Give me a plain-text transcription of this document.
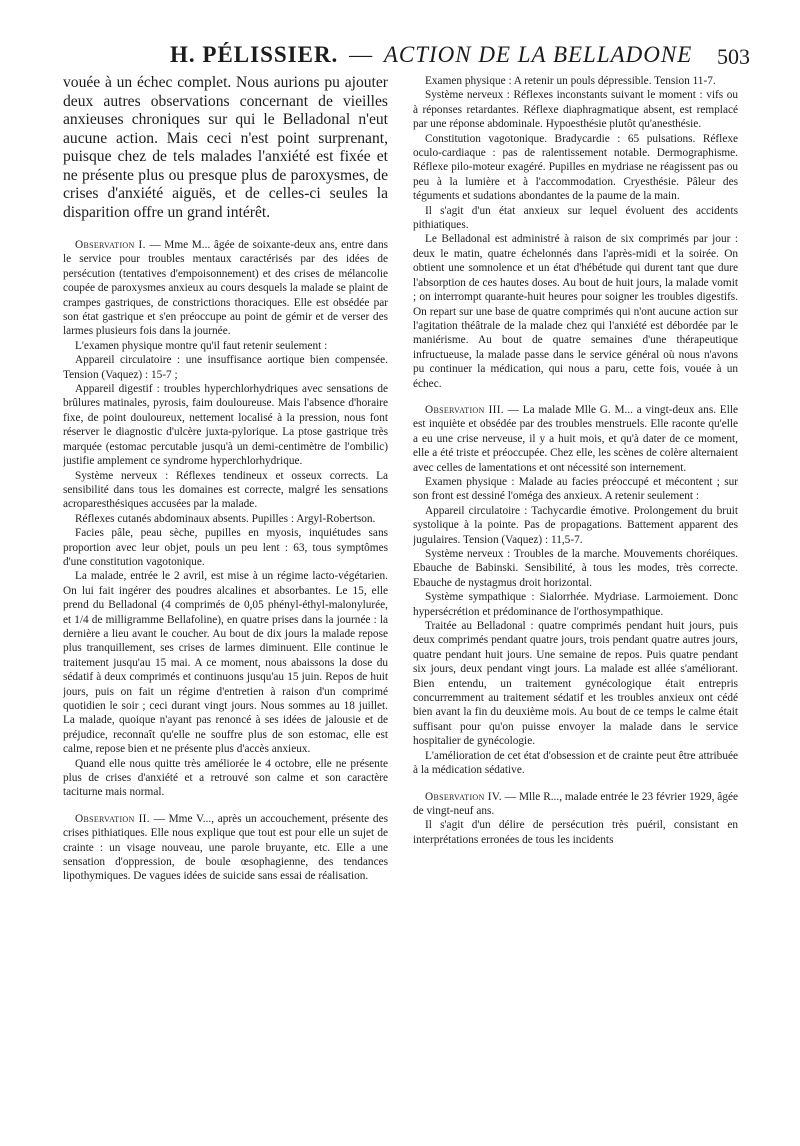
H. PÉLISSIER. — ACTION DE LA BELLADONE 503

vouée à un échec complet. Nous aurions pu ajouter deux autres observations concernant de vieilles anxieuses chroniques sur qui le Belladonal n'eut aucune action. Mais ceci n'est point surprenant, puisque chez de tels malades l'anxiété est fixée et ne présente plus ou presque plus de paroxysmes, de crises d'anxiété aiguës, et de celles-ci seules la disparition offre un grand intérêt.

Observation I. — Mme M... âgée de soixante-deux ans, entre dans le service pour troubles mentaux caractérisés par des idées de persécution (tentatives d'empoisonnement) et des crises de mélancolie coupée de paroxysmes anxieux au cours desquels la malade se plaint de crampes gastriques, de constrictions thoraciques. Elle est obsédée par son état gastrique et s'en préoccupe au point de gémir et de verser des larmes plusieurs fois dans la journée.

L'examen physique montre qu'il faut retenir seulement :

Appareil circulatoire : une insuffisance aortique bien compensée. Tension (Vaquez) : 15-7 ;

Appareil digestif : troubles hyperchlorhydriques avec sensations de brûlures matinales, pyrosis, faim douloureuse. Mais l'absence d'horaire fixe, de point douloureux, nettement localisé à la pression, nous font réserver le diagnostic d'ulcère juxta-pylorique. La ptose gastrique très marquée (estomac percutable jusqu'à un demi-centimètre de l'ombilic) justifie amplement ce syndrome hyperchlorhydrique.

Système nerveux : Réflexes tendineux et osseux corrects. La sensibilité dans tous les domaines est correcte, malgré les sensations acroparesthésiques accusées par la malade.

Réflexes cutanés abdominaux absents. Pupilles : Argyl-Robertson.

Facies pâle, peau sèche, pupilles en myosis, inquiétudes sans proportion avec leur objet, pouls un peu lent : 63, tous symptômes d'une constitution vagotonique.

La malade, entrée le 2 avril, est mise à un régime lacto-végétarien. On lui fait ingérer des poudres alcalines et absorbantes. Le 15, elle prend du Belladonal (4 comprimés de 0,05 phényl-éthyl-malonylurée, et 1/4 de milligramme Bellafoline), en quatre prises dans la journée : la dernière a lieu avant le coucher. Au bout de dix jours la malade repose plus tranquillement, ses crises de larmes diminuent. Elle continue le traitement jusqu'au 15 mai. A ce moment, nous abaissons la dose du sédatif à deux comprimés et continuons jusqu'au 15 juin. Repos de huit jours, puis on fait un régime d'entretien à raison d'un comprimé quotidien le soir ; ceci durant vingt jours. Nous sommes au 18 juillet. La malade, quoique n'ayant pas renoncé à ses idées de jalousie et de préjudice, reconnaît qu'elle ne souffre plus de son estomac, elle est calme, repose bien et ne présente plus d'accès anxieux.

Quand elle nous quitte très améliorée le 4 octobre, elle ne présente plus de crises d'anxiété et a retrouvé son calme et son caractère taciturne mais normal.

Observation II. — Mme V..., après un accouchement, présente des crises pithiatiques. Elle nous explique que tout est pour elle un sujet de crainte : un visage nouveau, une parole bruyante, etc. Elle a une sensation d'oppression, de boule œsophagienne, des tendances lipothymiques. De vagues idées de suicide sans essai de réalisation.

Examen physique : A retenir un pouls dépressible. Tension 11-7.

Système nerveux : Réflexes inconstants suivant le moment : vifs ou à réponses retardantes. Réflexe diaphragmatique absent, est remplacé par une réponse abdominale. Hypoesthésie plutôt qu'anesthésie.

Constitution vagotonique. Bradycardie : 65 pulsations. Réflexe oculo-cardiaque : pas de ralentissement notable. Dermographisme. Réflexe pilo-moteur exagéré. Pupilles en mydriase ne réagissent pas ou peu à la lumière et à l'accommodation. Cryesthésie. Pâleur des téguments et sudations abondantes de la paume de la main.

Il s'agit d'un état anxieux sur lequel évoluent des accidents pithiatiques.

Le Belladonal est administré à raison de six comprimés par jour : deux le matin, quatre échelonnés dans l'après-midi et la soirée. On obtient une somnolence et un état d'hébétude qui durent tant que dure l'absorption de ces hautes doses. Au bout de huit jours, la malade vomit ; on interrompt quarante-huit heures pour soigner les troubles digestifs. On repart sur une base de quatre comprimés qui n'ont aucune action sur l'agitation théâtrale de la malade chez qui l'anxiété est débordée par le maniérisme. Au bout de quatre semaines d'une thérapeutique infructueuse, la malade passe dans le service général où nous n'avons pu continuer la médication, qui nous a paru, cette fois, vouée à un échec.

Observation III. — La malade Mlle G. M... a vingt-deux ans. Elle est inquiète et obsédée par des troubles menstruels. Elle raconte qu'elle a eu une crise nerveuse, il y a huit mois, et qu'à dater de ce moment, elle a été triste et préoccupée. Chez elle, les scènes de colère alternaient avec celles de lamentations et ont nécessité son internement.

Examen physique : Malade au facies préoccupé et mécontent ; sur son front est dessiné l'oméga des anxieux. A retenir seulement :

Appareil circulatoire : Tachycardie émotive. Prolongement du bruit systolique à la pointe. Pas de propagations. Battement apparent des jugulaires. Tension (Vaquez) : 11,5-7.

Système nerveux : Troubles de la marche. Mouvements choréiques. Ebauche de Babinski. Sensibilité, à tous les modes, très correcte. Ebauche de nystagmus droit horizontal.

Système sympathique : Sialorrhée. Mydriase. Larmoiement. Donc hypersécrétion et prédominance de l'orthosympathique.

Traitée au Belladonal : quatre comprimés pendant huit jours, puis deux comprimés pendant quatre jours, trois pendant quatre autres jours, quatre pendant huit jours. Une semaine de repos. Puis quatre pendant six jours, deux pendant vingt jours. La malade est allée s'améliorant. Bien entendu, un traitement gynécologique était entrepris concurremment au traitement sédatif et les troubles anxieux ont cédé bien avant la fin du deuxième mois. Au bout de ce temps le calme était suffisant pour qu'on puisse envoyer la malade dans le service hospitalier de gynécologie.

L'amélioration de cet état d'obsession et de crainte peut être attribuée à la médication sédative.

Observation IV. — Mlle R..., malade entrée le 23 février 1929, âgée de vingt-neuf ans.

Il s'agit d'un délire de persécution très puéril, consistant en interprétations erronées de tous les incidents
